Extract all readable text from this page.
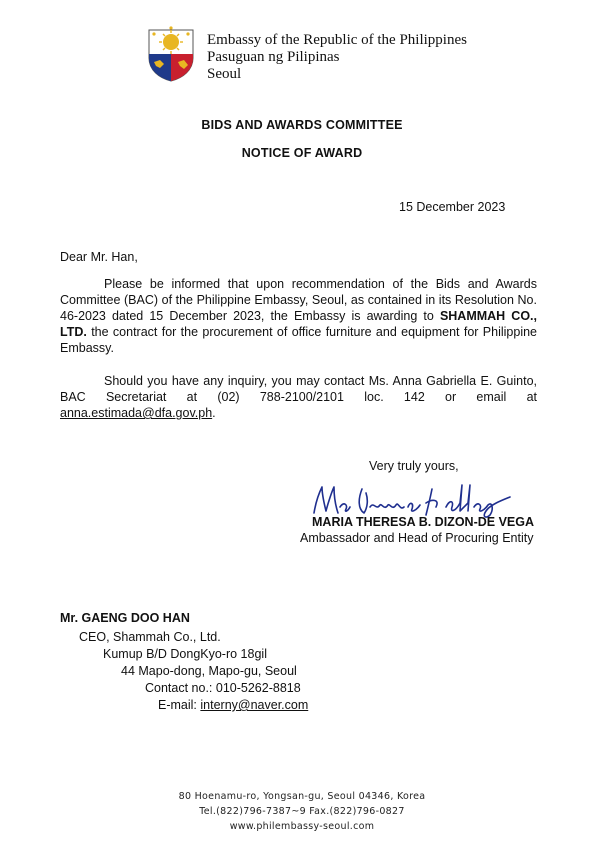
Embassy of the Republic of the Philippines
Pasuguan ng Pilipinas
Seoul
BIDS AND AWARDS COMMITTEE
NOTICE OF AWARD
15 December 2023
Dear Mr. Han,
Please be informed that upon recommendation of the Bids and Awards Committee (BAC) of the Philippine Embassy, Seoul, as contained in its Resolution No. 46-2023 dated 15 December 2023, the Embassy is awarding to SHAMMAH CO., LTD. the contract for the procurement of office furniture and equipment for Philippine Embassy.
Should you have any inquiry, you may contact Ms. Anna Gabriella E. Guinto, BAC Secretariat at (02) 788-2100/2101 loc. 142 or email at anna.estimada@dfa.gov.ph.
Very truly yours,
MARIA THERESA B. DIZON-DE VEGA
Ambassador and Head of Procuring Entity
Mr. GAENG DOO HAN
CEO, Shammah Co., Ltd.
Kumup B/D DongKyo-ro 18gil
44 Mapo-dong, Mapo-gu, Seoul
Contact no.: 010-5262-8818
E-mail: interny@naver.com
80 Hoenamu-ro, Yongsan-gu, Seoul 04346, Korea
Tel.(822)796-7387~9 Fax.(822)796-0827
www.philembassy-seoul.com
